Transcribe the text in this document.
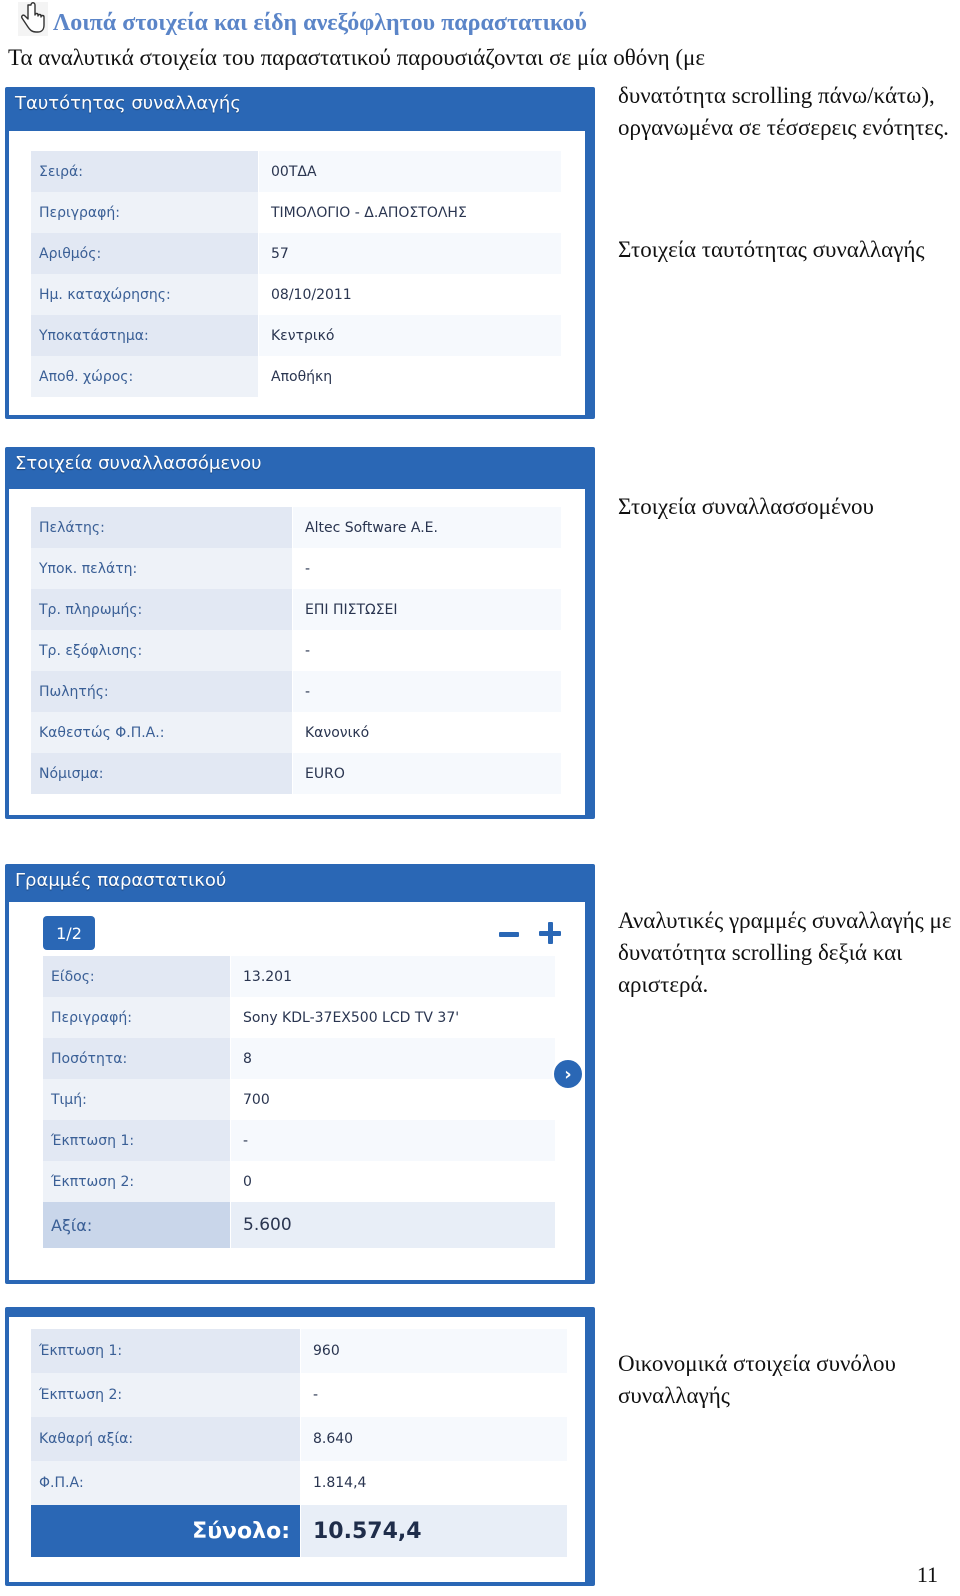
Λοιπά στοιχεία και είδη ανεξόφλητου παραστατικού
Τα αναλυτικά στοιχεία του παραστατικού παρουσιάζονται σε μία οθόνη (με
δυνατότητα scrolling πάνω/κάτω), οργανωμένα σε τέσσερεις ενότητες.
Ταυτότητας συναλλαγής
Σειρά:	00ΤΔΑ
Περιγραφή:	ΤΙΜΟΛΟΓΙΟ - Δ.ΑΠΟΣΤΟΛΗΣ
Αριθμός:	57
Ημ. καταχώρησης:	08/10/2011
Υποκατάστημα:	Κεντρικό
Αποθ. χώρος:	Αποθήκη
Στοιχεία ταυτότητας συναλλαγής
Στοιχεία συναλλασσόμενου
Πελάτης:	Altec Software A.E.
Υποκ. πελάτη:	-
Τρ. πληρωμής:	ΕΠΙ ΠΙΣΤΩΣΕΙ
Τρ. εξόφλισης:	-
Πωλητής:	-
Καθεστώς Φ.Π.Α.:	Κανονικό
Νόμισμα:	EURO
Στοιχεία συναλλασσομένου
Γραμμές παραστατικού
1/2
Είδος:	13.201
Περιγραφή:	Sony KDL-37EX500 LCD TV 37'
Ποσότητα:	8
Τιμή:	700
Έκπτωση 1:	-
Έκπτωση 2:	0
Αξία:	5.600
›
Αναλυτικές γραμμές συναλλαγής με δυνατότητα scrolling δεξιά και αριστερά.
Έκπτωση 1:	960
Έκπτωση 2:	-
Καθαρή αξία:	8.640
Φ.Π.Α:	1.814,4
Σύνολο:	10.574,4
Οικονομικά στοιχεία συνόλου συναλλαγής
11
